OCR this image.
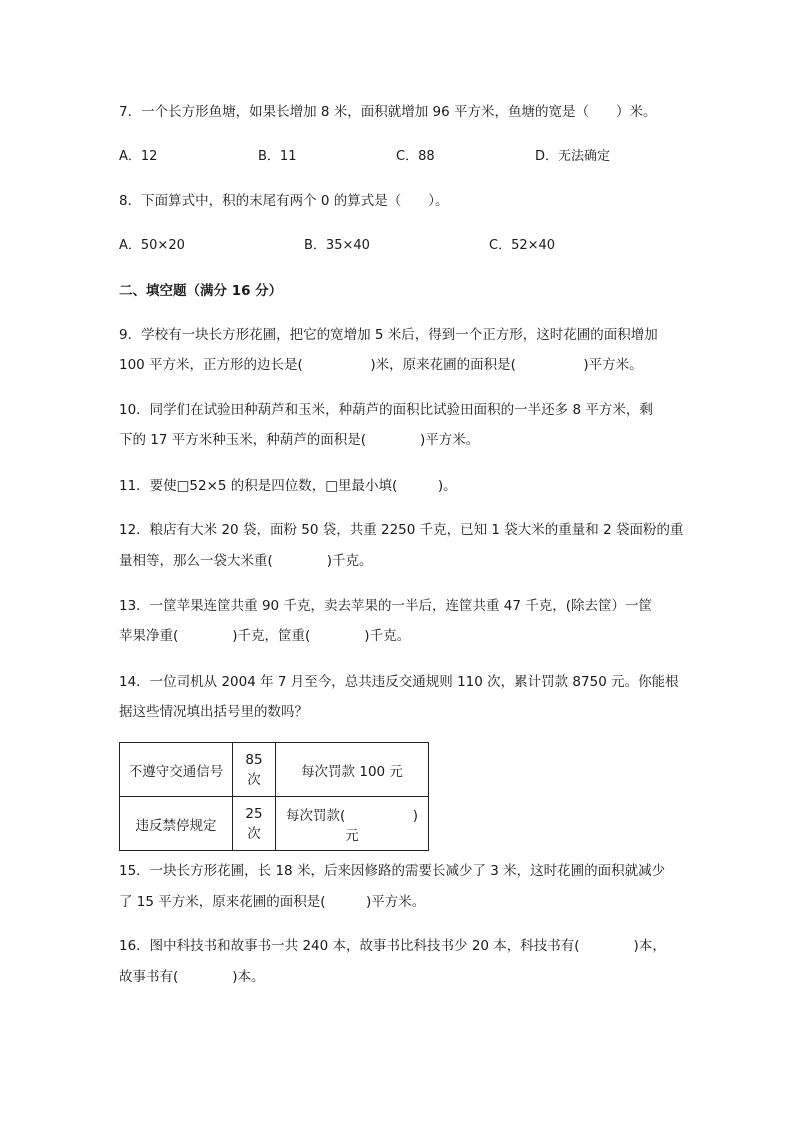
7．一个长方形鱼塘，如果长增加 8 米，面积就增加 96 平方米，鱼塘的宽是（　　）米。
A．12	B．11	C．88	D．无法确定
8．下面算式中，积的末尾有两个 0 的算式是（　　）。
A．50×20	B．35×40	C．52×40
二、填空题（满分 16 分）
9．学校有一块长方形花圃，把它的宽增加 5 米后，得到一个正方形，这时花圃的面积增加
100 平方米，正方形的边长是(　　　　　)米，原来花圃的面积是(　　　　　)平方米。
10．同学们在试验田种葫芦和玉米，种葫芦的面积比试验田面积的一半还多 8 平方米，剩
下的 17 平方米种玉米，种葫芦的面积是(　　　　)平方米。
11．要使□52×5 的积是四位数，□里最小填(　　　)。
12．粮店有大米 20 袋，面粉 50 袋，共重 2250 千克，已知 1 袋大米的重量和 2 袋面粉的重
量相等，那么一袋大米重(　　　　)千克。
13．一筐苹果连筐共重 90 千克，卖去苹果的一半后，连筐共重 47 千克，(除去筐）一筐
苹果净重(　　　　)千克，筐重(　　　　)千克。
14．一位司机从 2004 年 7 月至今，总共违反交通规则 110 次，累计罚款 8750 元。你能根
据这些情况填出括号里的数吗？
不遵守交通信号	85 次	每次罚款 100 元
违反禁停规定	25 次	每次罚款(　　　　　)元
15．一块长方形花圃，长 18 米，后来因修路的需要长减少了 3 米，这时花圃的面积就减少
了 15 平方米，原来花圃的面积是(　　　)平方米。
16．图中科技书和故事书一共 240 本，故事书比科技书少 20 本，科技书有(　　　　)本，
故事书有(　　　　)本。
